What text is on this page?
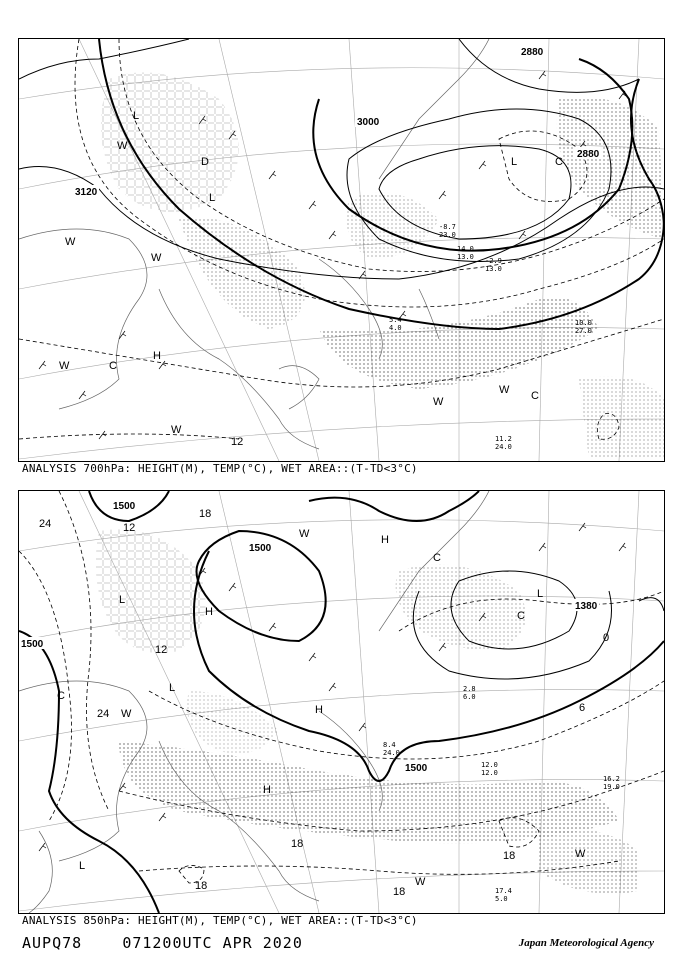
3120
3000
2880
2880
12
L
L
L
H
W
W
W
W
W
W C
C
C
D
W
10.0
27.0
11.2
24.0
5.4
4.0
14.0
13.0 -2.9
13.0
-8.7
23.0
ANALYSIS 700hPa: HEIGHT(M), TEMP(°C), WET AREA::(T-TD<3°C)
1500
1500
1500
1500
1380
24
24
18
18
18	18
18
12
12
6
0
L
L
L
L
H
H
H
H
W
W
W
C
C
C
W
16.2
19.0
12.0
12.0
17.4
5.0
8.4
24.0
2.8
6.0
ANALYSIS 850hPa: HEIGHT(M), TEMP(°C), WET AREA::(T-TD<3°C)
AUPQ78	071200UTC APR 2020	Japan Meteorological Agency
